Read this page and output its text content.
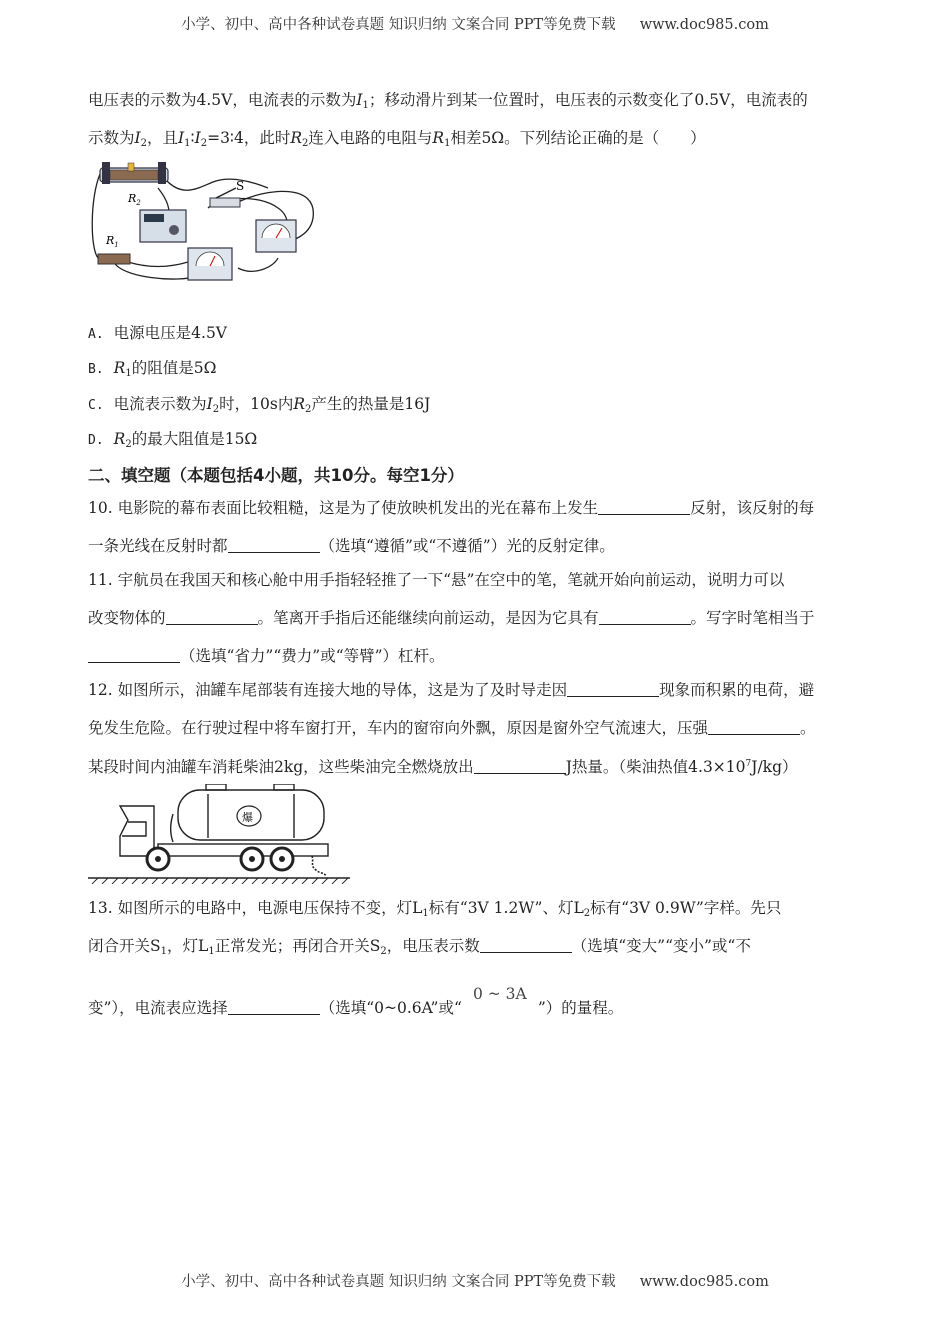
小学、初中、高中各种试卷真题 知识归纳 文案合同 PPT等免费下载 www.doc985.com
电压表的示数为4.5V，电流表的示数为$I_1$；移动滑片到某一位置时，电压表的示数变化了0.5V，电流表的
示数为$I_2$，且$I_1∶I_2=3∶4$，此时$R_2$连入电路的电阻与$R_1$相差5Ω。下列结论正确的是（　　）
$R_2$
S
$R_1$
A. 电源电压是4.5V
B. $R_1$的阻值是5Ω
C. 电流表示数为$I_2$时，10s内$R_2$产生的热量是16J
D. $R_2$的最大阻值是15Ω
二、填空题（本题包括4小题，共10分。每空1分）
10. 电影院的幕布表面比较粗糙，这是为了使放映机发出的光在幕布上发生	反射，该反射的每
一条光线在反射时都	（选填“遵循”或“不遵循”）光的反射定律。
11. 宇航员在我国天和核心舱中用手指轻轻推了一下“悬”在空中的笔，笔就开始向前运动，说明力可以
改变物体的	。笔离开手指后还能继续向前运动，是因为它具有	。写字时笔相当于
（选填“省力”“费力”或“等臂”）杠杆。
12. 如图所示，油罐车尾部装有连接大地的导体，这是为了及时导走因	现象而积累的电荷，避
免发生危险。在行驶过程中将车窗打开，车内的窗帘向外飘，原因是窗外空气流速大，压强	。
某段时间内油罐车消耗柴油2kg，这些柴油完全燃烧放出	J热量。（柴油热值$4.3\times 10^7J/kg$）
爆
13. 如图所示的电路中，电源电压保持不变，灯$L_1$标有“3V 1.2W”、灯$L_2$标有“3V 0.9W”字样。先只
闭合开关$S_1$，灯$L_1$正常发光；再闭合开关$S_2$，电压表示数	（选填“变大”“变小”或“不
变”），电流表应选择	（选填“0~0.6A”或“0 ~ 3A”）的量程。
小学、初中、高中各种试卷真题 知识归纳 文案合同 PPT等免费下载 www.doc985.com
